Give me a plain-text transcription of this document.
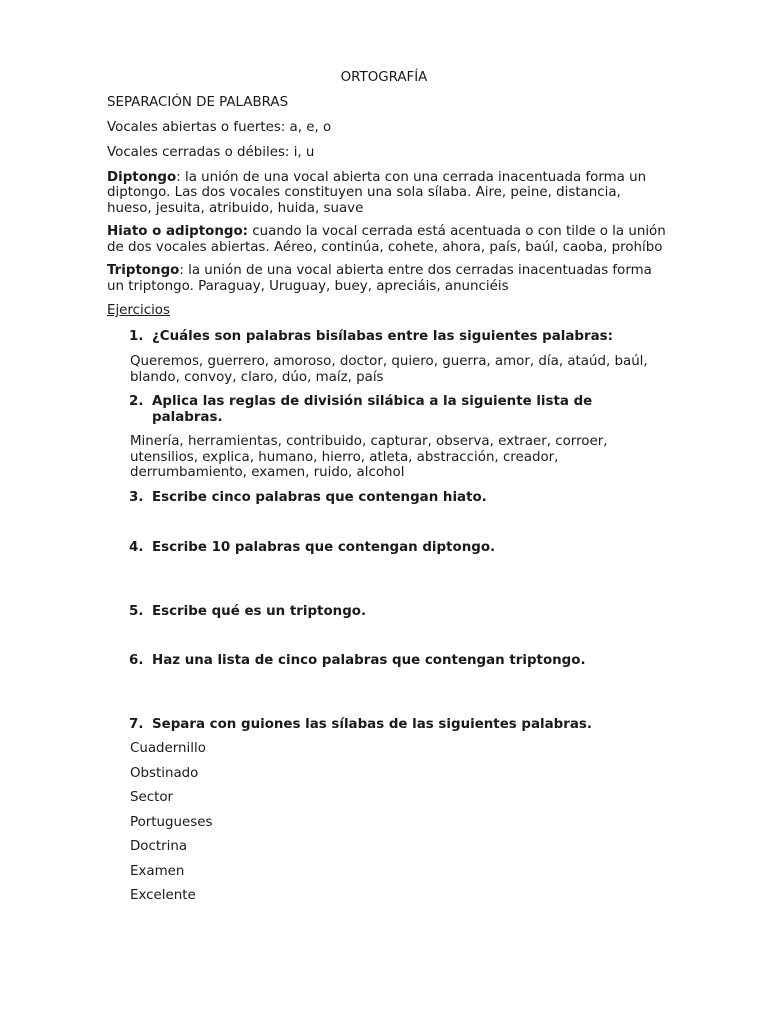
ORTOGRAFÍA

SEPARACIÓN DE PALABRAS

Vocales abiertas o fuertes: a, e, o

Vocales cerradas o débiles: i, u

Diptongo: la unión de una vocal abierta con una cerrada inacentuada forma un diptongo. Las dos vocales constituyen una sola sílaba. Aire, peine, distancia, hueso, jesuita, atribuido, huida, suave

Hiato o adiptongo: cuando la vocal cerrada está acentuada o con tilde o la unión de dos vocales abiertas. Aéreo, continúa, cohete, ahora, país, baúl, caoba, prohíbo

Triptongo: la unión de una vocal abierta entre dos cerradas inacentuadas forma un triptongo. Paraguay, Uruguay, buey, apreciáis, anunciéis

Ejercicios

1. ¿Cuáles son palabras bisílabas entre las siguientes palabras:

Queremos, guerrero, amoroso, doctor, quiero, guerra, amor, día, ataúd, baúl, blando, convoy, claro, dúo, maíz, país

2. Aplica las reglas de división silábica a la siguiente lista de palabras.

Minería, herramientas, contribuido, capturar, observa, extraer, corroer, utensilios, explica, humano, hierro, atleta, abstracción, creador, derrumbamiento, examen, ruido, alcohol

3. Escribe cinco palabras que contengan hiato.
4. Escribe 10 palabras que contengan diptongo.
5. Escribe qué es un triptongo.
6. Haz una lista de cinco palabras que contengan triptongo.
7. Separa con guiones las sílabas de las siguientes palabras.

Cuadernillo

Obstinado

Sector

Portugueses

Doctrina

Examen

Excelente
